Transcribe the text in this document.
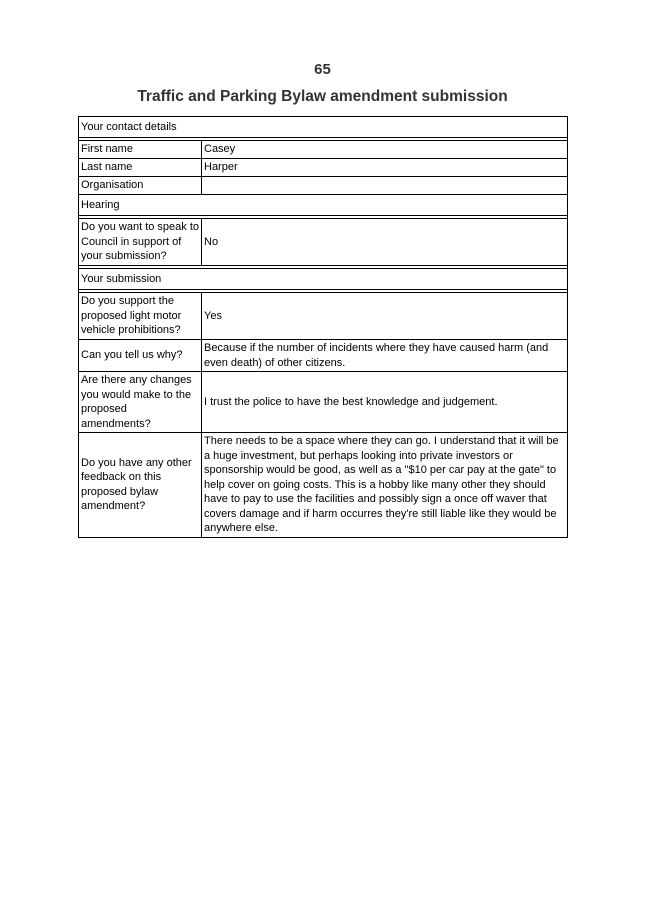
65
Traffic and Parking Bylaw amendment submission
Your contact details	

First name	Casey
Last name	Harper
Organisation	
Hearing	

Do you want to speak to Council in support of your submission?	No

Your submission	

Do you support the proposed light motor vehicle prohibitions?	Yes
Can you tell us why?	Because if the number of incidents where they have caused harm (and even death) of other citizens.
Are there any changes you would make to the proposed amendments?	I trust the police to have the best knowledge and judgement.
Do you have any other feedback on this proposed bylaw amendment?	There needs to be a space where they can go. I understand that it will be a huge investment, but perhaps looking into private investors or sponsorship would be good, as well as a "$10 per car pay at the gate" to help cover on going costs. This is a hobby like many other they should have to pay to use the facilities and possibly sign a once off waver that covers damage and if harm occurres they're still liable like they would be anywhere else.
